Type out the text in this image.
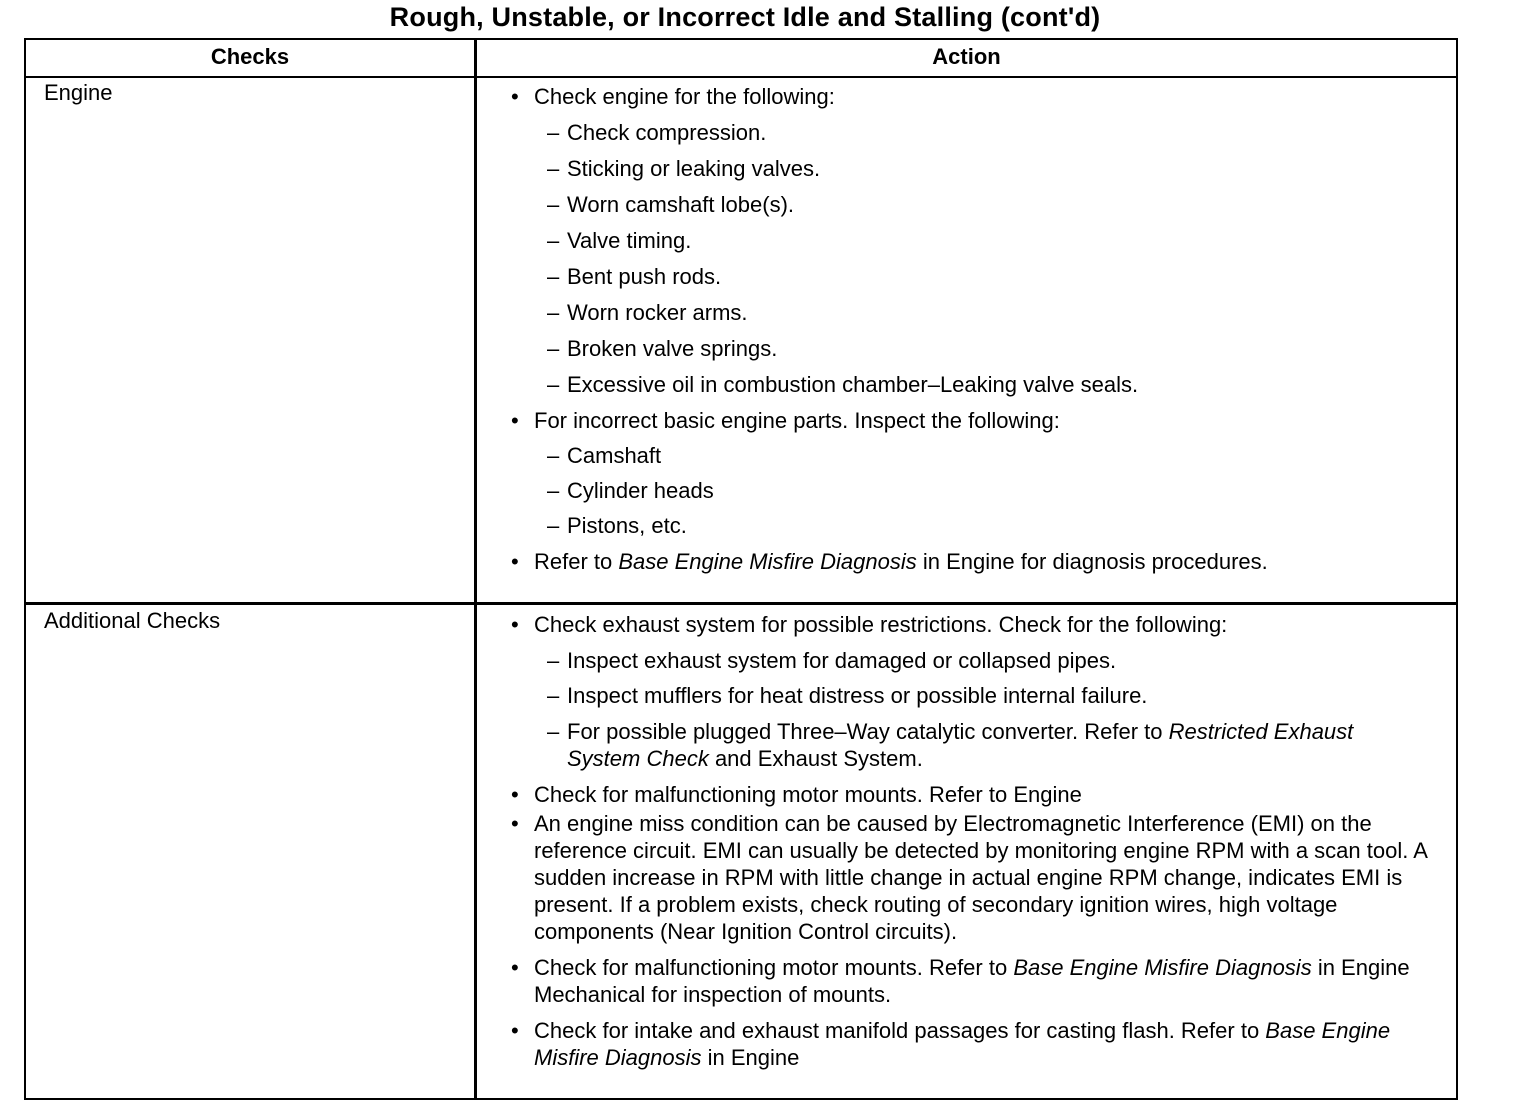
Rough, Unstable, or Incorrect Idle and Stalling (cont'd)
Checks	Action
Engine	• Check engine for the following:
– Check compression.
– Sticking or leaking valves.
– Worn camshaft lobe(s).
– Valve timing.
– Bent push rods.
– Worn rocker arms.
– Broken valve springs.
– Excessive oil in combustion chamber–Leaking valve seals.
• For incorrect basic engine parts. Inspect the following:
– Camshaft
– Cylinder heads
– Pistons, etc.
• Refer to Base Engine Misfire Diagnosis in Engine for diagnosis procedures.
Additional Checks	• Check exhaust system for possible restrictions. Check for the following:
– Inspect exhaust system for damaged or collapsed pipes.
– Inspect mufflers for heat distress or possible internal failure.
– For possible plugged Three–Way catalytic converter. Refer to Restricted Exhaust System Check and Exhaust System.
• Check for malfunctioning motor mounts. Refer to Engine
• An engine miss condition can be caused by Electromagnetic Interference (EMI) on the reference circuit. EMI can usually be detected by monitoring engine RPM with a scan tool. A sudden increase in RPM with little change in actual engine RPM change, indicates EMI is present. If a problem exists, check routing of secondary ignition wires, high voltage components (Near Ignition Control circuits).
• Check for malfunctioning motor mounts. Refer to Base Engine Misfire Diagnosis in Engine Mechanical for inspection of mounts.
• Check for intake and exhaust manifold passages for casting flash. Refer to Base Engine Misfire Diagnosis in Engine
